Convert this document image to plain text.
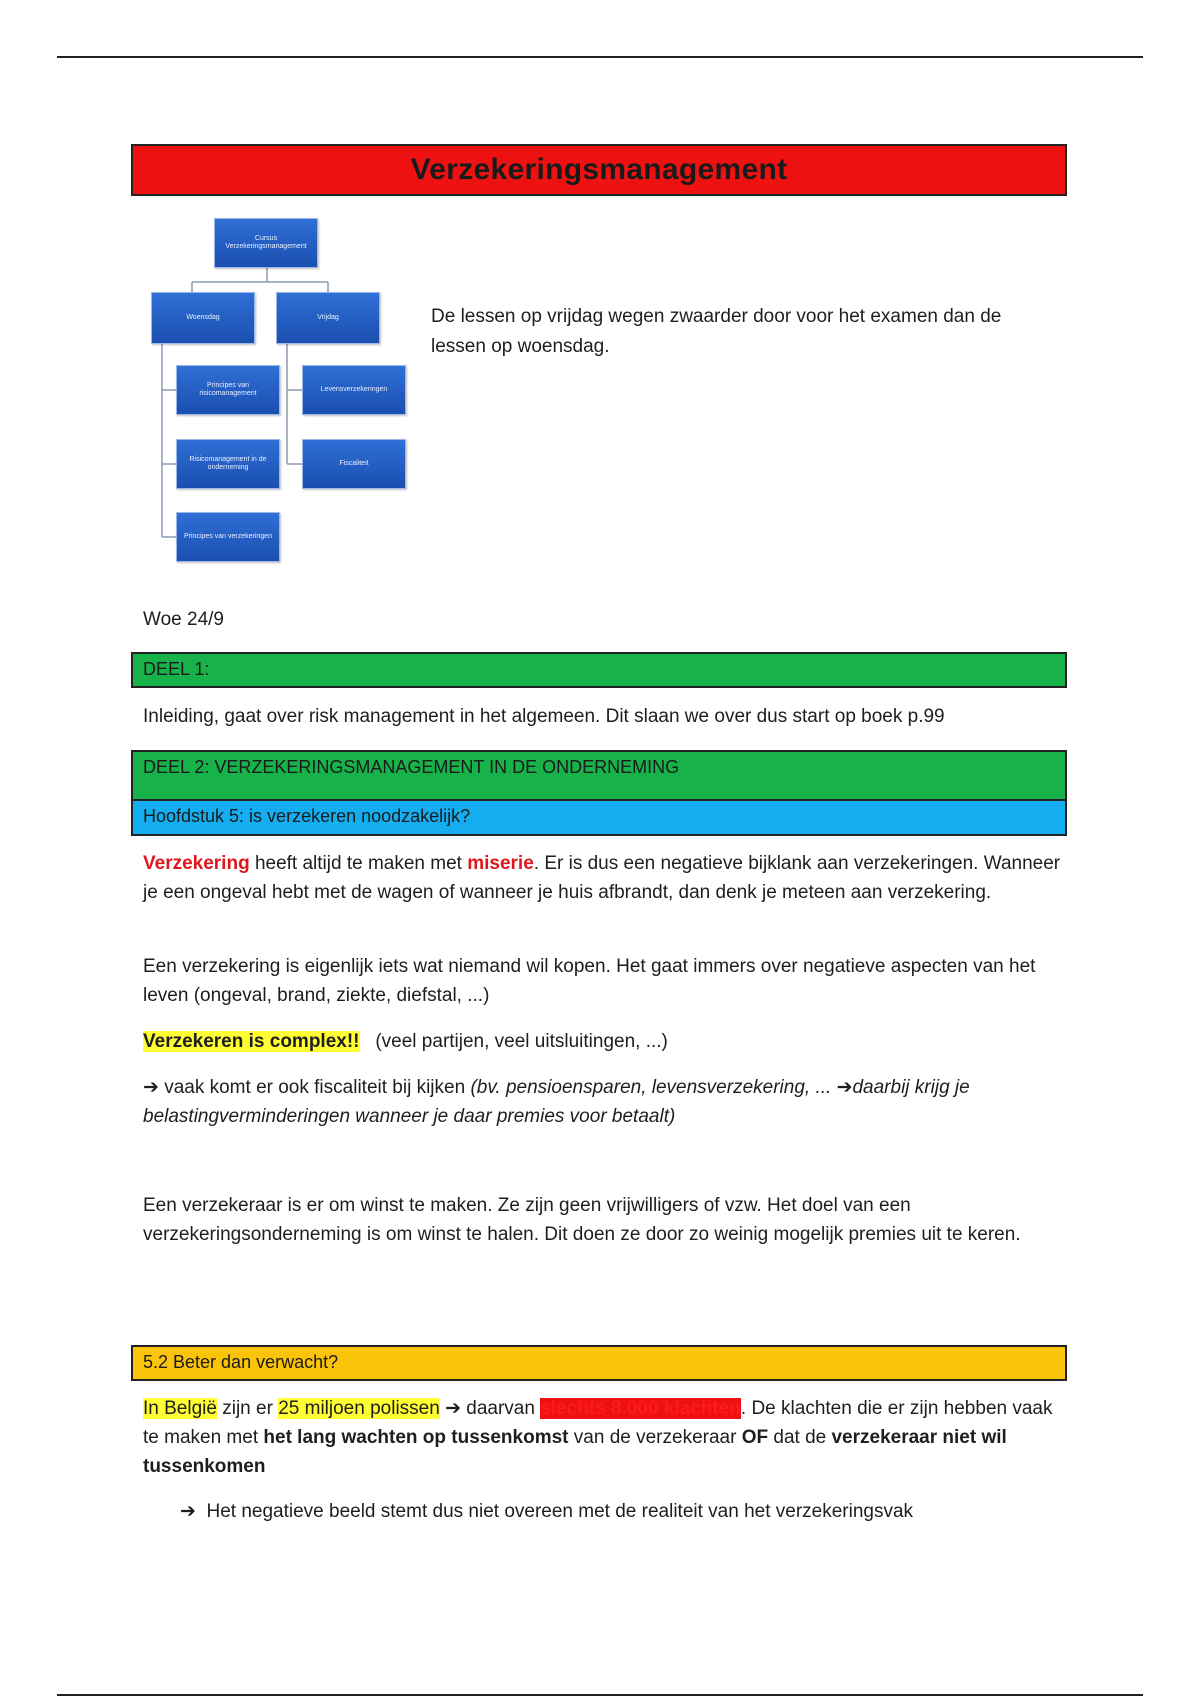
Verzekeringsmanagement
Cursus Verzekeringsmanagement
Woensdag	Vrijdag
Principes van risicomanagement
Risicomanagement in de onderneming
Principes van verzekeringen
Levensverzekeringen
Fiscaliteit
De lessen op vrijdag wegen zwaarder door voor het examen dan de lessen op woensdag.
Woe 24/9
DEEL 1:
Inleiding, gaat over risk management in het algemeen. Dit slaan we over dus start op boek p.99
DEEL 2: VERZEKERINGSMANAGEMENT IN DE ONDERNEMING
Hoofdstuk 5: is verzekeren noodzakelijk?
Verzekering heeft altijd te maken met miserie. Er is dus een negatieve bijklank aan verzekeringen. Wanneer je een ongeval hebt met de wagen of wanneer je huis afbrandt, dan denk je meteen aan verzekering.
Een verzekering is eigenlijk iets wat niemand wil kopen. Het gaat immers over negatieve aspecten van het leven (ongeval, brand, ziekte, diefstal, ...)
Verzekeren is complex!! (veel partijen, veel uitsluitingen, ...)
➔ vaak komt er ook fiscaliteit bij kijken (bv. pensioensparen, levensverzekering, ... ➔daarbij krijg je belastingverminderingen wanneer je daar premies voor betaalt)
Een verzekeraar is er om winst te maken. Ze zijn geen vrijwilligers of vzw. Het doel van een verzekeringsonderneming is om winst te halen. Dit doen ze door zo weinig mogelijk premies uit te keren.
5.2 Beter dan verwacht?
In België zijn er 25 miljoen polissen ➔ daarvan slechts 8.000 klachten. De klachten die er zijn hebben vaak te maken met het lang wachten op tussenkomst van de verzekeraar OF dat de verzekeraar niet wil tussenkomen
➔ Het negatieve beeld stemt dus niet overeen met de realiteit van het verzekeringsvak
